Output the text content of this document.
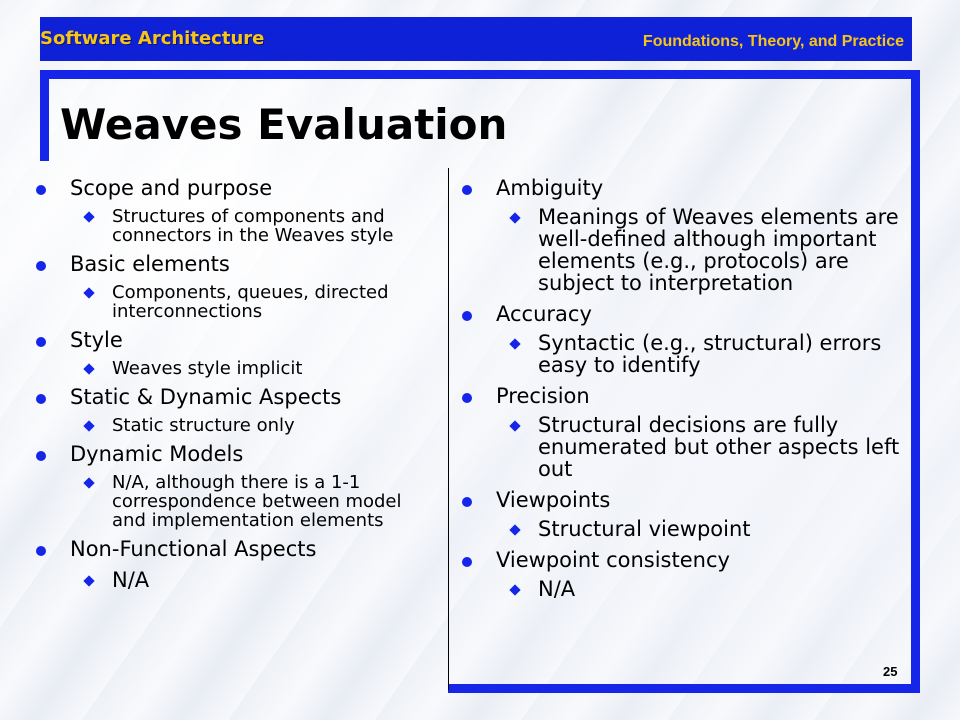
Software Architecture	Foundations, Theory, and Practice
Weaves Evaluation
Scope and purpose
Structures of components and connectors in the Weaves style
Basic elements
Components, queues, directed interconnections
Style
Weaves style implicit
Static & Dynamic Aspects
Static structure only
Dynamic Models
N/A, although there is a 1-1 correspondence between model and implementation elements
Non-Functional Aspects
N/A
Ambiguity
Meanings of Weaves elements are well-defined although important elements (e.g., protocols) are subject to interpretation
Accuracy
Syntactic (e.g., structural) errors easy to identify
Precision
Structural decisions are fully enumerated but other aspects left out
Viewpoints
Structural viewpoint
Viewpoint consistency
N/A
25
